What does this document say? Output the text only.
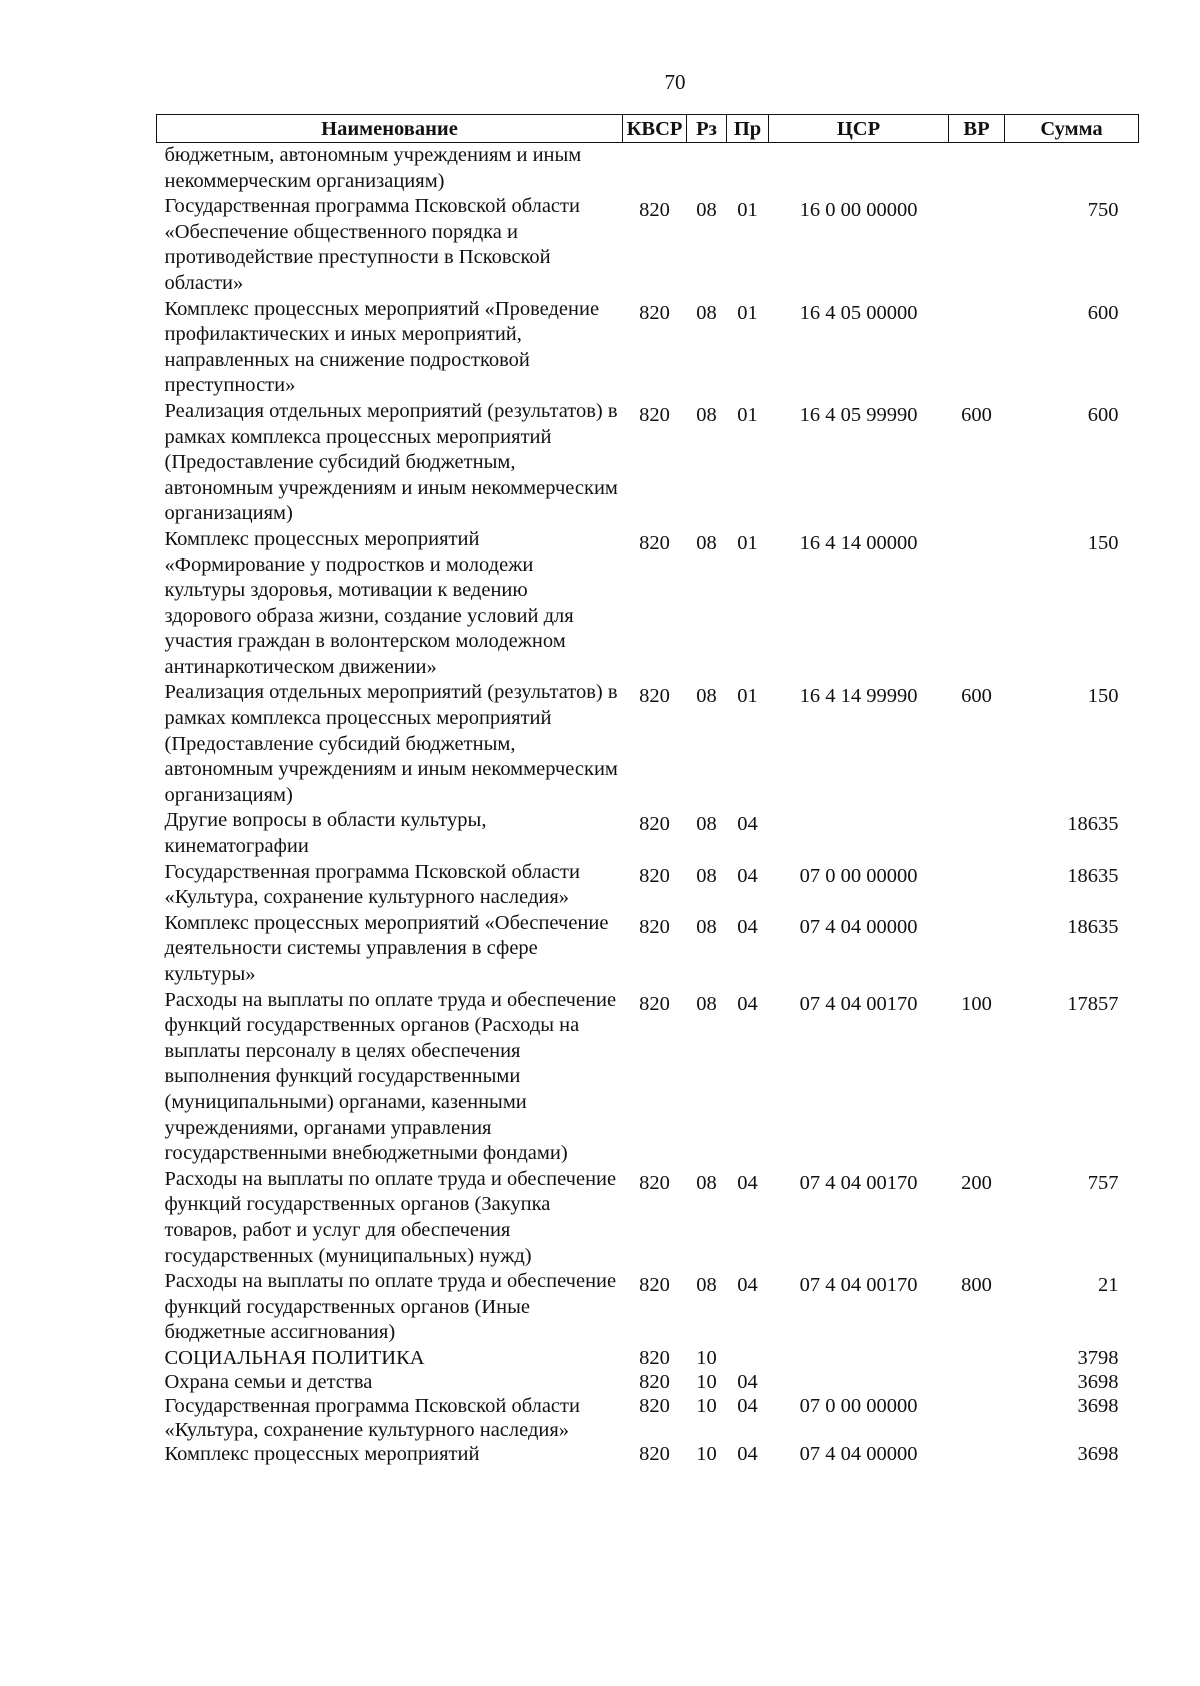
70
Наименование	КВСР	Рз	Пр	ЦСР	ВР	Сумма
бюджетным, автономным учреждениям и иным некоммерческим организациям)						
Государственная программа Псковской области «Обеспечение общественного порядка и противодействие преступности в Псковской области»	820	08	01	16 0 00 00000		750
Комплекс процессных мероприятий «Проведение профилактических и иных мероприятий, направленных на снижение подростковой преступности»	820	08	01	16 4 05 00000		600
Реализация отдельных мероприятий (результатов) в рамках комплекса процессных мероприятий (Предоставление субсидий бюджетным, автономным учреждениям и иным некоммерческим организациям)	820	08	01	16 4 05 99990	600	600
Комплекс процессных мероприятий «Формирование у подростков и молодежи культуры здоровья, мотивации к ведению здорового образа жизни, создание условий для участия граждан в волонтерском молодежном антинаркотическом движении»	820	08	01	16 4 14 00000		150
Реализация отдельных мероприятий (результатов) в рамках комплекса процессных мероприятий (Предоставление субсидий бюджетным, автономным учреждениям и иным некоммерческим организациям)	820	08	01	16 4 14 99990	600	150
Другие вопросы в области культуры, кинематографии	820	08	04			18635
Государственная программа Псковской области «Культура, сохранение культурного наследия»	820	08	04	07 0 00 00000		18635
Комплекс процессных мероприятий «Обеспечение деятельности системы управления в сфере культуры»	820	08	04	07 4 04 00000		18635
Расходы на выплаты по оплате труда и обеспечение функций государственных органов (Расходы на выплаты персоналу в целях обеспечения выполнения функций государственными (муниципальными) органами, казенными учреждениями, органами управления государственными внебюджетными фондами)	820	08	04	07 4 04 00170	100	17857
Расходы на выплаты по оплате труда и обеспечение функций государственных органов (Закупка товаров, работ и услуг для обеспечения государственных (муниципальных) нужд)	820	08	04	07 4 04 00170	200	757
Расходы на выплаты по оплате труда и обеспечение функций государственных органов (Иные бюджетные ассигнования)	820	08	04	07 4 04 00170	800	21
СОЦИАЛЬНАЯ ПОЛИТИКА	820	10				3798
Охрана семьи и детства	820	10	04			3698
Государственная программа Псковской области «Культура, сохранение культурного наследия»	820	10	04	07 0 00 00000		3698
Комплекс процессных мероприятий	820	10	04	07 4 04 00000		3698
